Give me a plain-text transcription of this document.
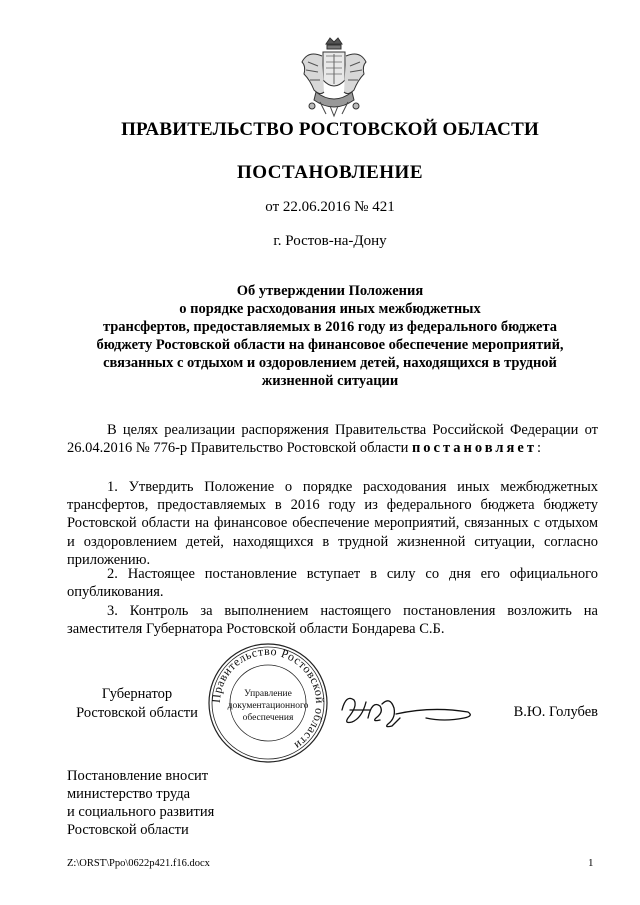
ПРАВИТЕЛЬСТВО РОСТОВСКОЙ ОБЛАСТИ
ПОСТАНОВЛЕНИЕ
от 22.06.2016 № 421
г. Ростов-на-Дону
Об утверждении Положения
о порядке расходования иных межбюджетных
трансфертов, предоставляемых в 2016 году из федерального бюджета
бюджету Ростовской области на финансовое обеспечение мероприятий,
связанных с отдыхом и оздоровлением детей, находящихся в трудной
жизненной ситуации
В целях реализации распоряжения Правительства Российской Федерации от 26.04.2016 № 776-р Правительство Ростовской области постановляет:
1. Утвердить Положение о порядке расходования иных межбюджетных трансфертов, предоставляемых в 2016 году из федерального бюджета бюджету Ростовской области на финансовое обеспечение мероприятий, связанных с отдыхом и оздоровлением детей, находящихся в трудной жизненной ситуации, согласно приложению.
2. Настоящее постановление вступает в силу со дня его официального опубликования.
3. Контроль за выполнением настоящего постановления возложить на заместителя Губернатора Ростовской области Бондарева С.Б.
Губернатор
Ростовской области
Правительство Ростовской области
Управление
документационного
обеспечения	В.Ю. Голубев
Постановление вносит
министерство труда
и социального развития
Ростовской области
Z:\ORST\Ppo\0622p421.f16.docx	1
